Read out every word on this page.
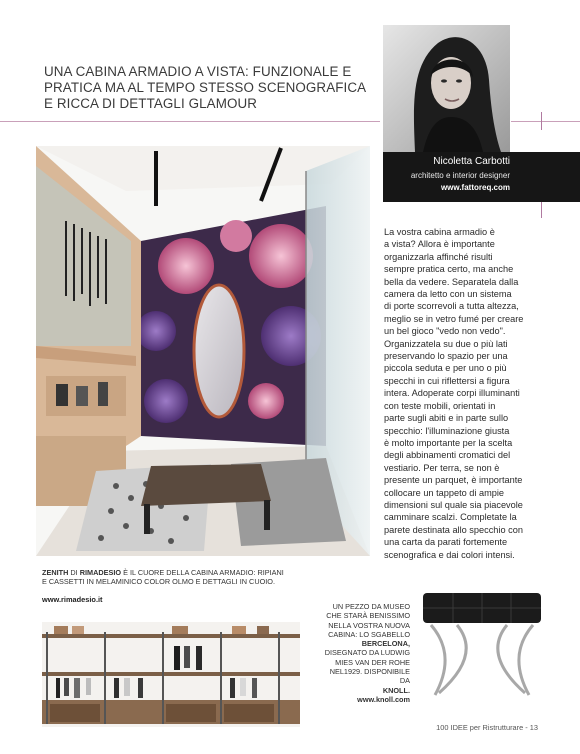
UNA CABINA ARMADIO A VISTA: FUNZIONALE E
PRATICA MA AL TEMPO STESSO SCENOGRAFICA
E RICCA DI DETTAGLI GLAMOUR
Nicoletta Carbotti
architetto e interior designer
www.fattoreq.com
La vostra cabina armadio è
a vista? Allora è importante
organizzarla affinché risulti
sempre pratica certo, ma anche
bella da vedere. Separatela dalla
camera da letto con un sistema
di porte scorrevoli a tutta altezza,
meglio se in vetro fumé per creare
un bel gioco "vedo non vedo".
Organizzatela su due o più lati
preservando lo spazio per una
piccola seduta e per uno o più
specchi in cui riflettersi a figura
intera. Adoperate corpi illuminanti
con teste mobili, orientati in
parte sugli abiti e in parte sullo
specchio: l'illuminazione giusta
è molto importante per la scelta
degli abbinamenti cromatici del
vestiario. Per terra, se non è
presente un parquet, è importante
collocare un tappeto di ampie
dimensioni sul quale sia piacevole
camminare scalzi. Completate la
parete destinata allo specchio con
una carta da parati fortemente
scenografica e dai colori intensi.
ZENITH DI RIMADESIO È IL CUORE DELLA CABINA ARMADIO: RIPIANI
E CASSETTI IN MELAMINICO COLOR OLMO E DETTAGLI IN CUOIO.
www.rimadesio.it
UN PEZZO DA MUSEO
CHE STARÀ BENISSIMO
NELLA VOSTRA NUOVA
CABINA: LO SGABELLO
BERCELONA,
DISEGNATO DA LUDWIG
MIES VAN DER ROHE
NEL1929. DISPONIBILE
DA
KNOLL.
www.knoll.com
100 IDEE per Ristrutturare - 13
